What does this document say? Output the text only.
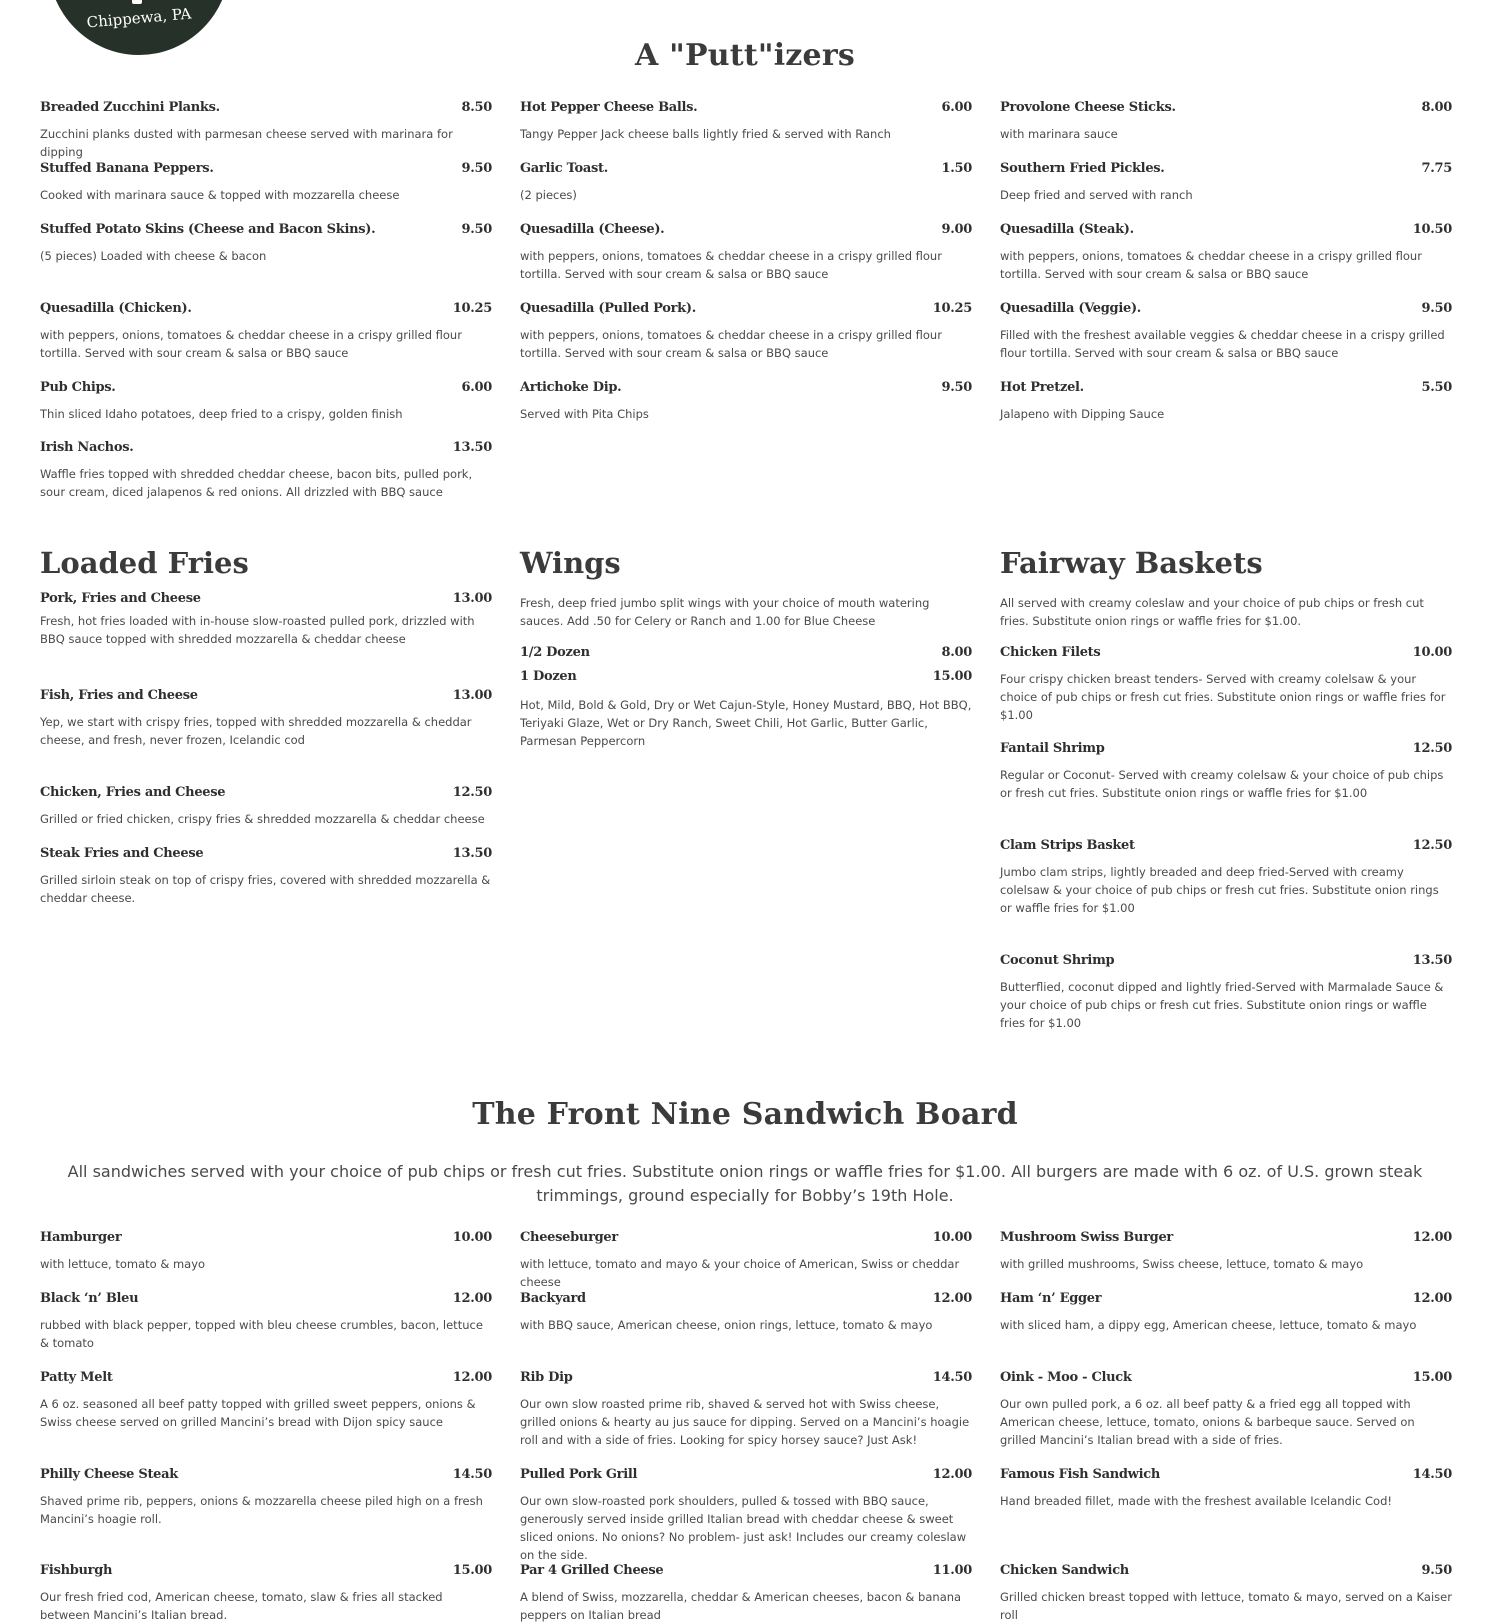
Chippewa, PA
A "Putt"izers
Breaded Zucchini Planks.	8.50
Zucchini planks dusted with parmesan cheese served with marinara for dipping
Hot Pepper Cheese Balls.	6.00
Tangy Pepper Jack cheese balls lightly fried & served with Ranch
Provolone Cheese Sticks.	8.00
with marinara sauce
Stuffed Banana Peppers.	9.50
Cooked with marinara sauce & topped with mozzarella cheese
Garlic Toast.	1.50
(2 pieces)
Southern Fried Pickles.	7.75
Deep fried and served with ranch
Stuffed Potato Skins (Cheese and Bacon Skins).	9.50
(5 pieces) Loaded with cheese & bacon
Quesadilla (Cheese).	9.00
with peppers, onions, tomatoes & cheddar cheese in a crispy grilled flour tortilla. Served with sour cream & salsa or BBQ sauce
Quesadilla (Steak).	10.50
with peppers, onions, tomatoes & cheddar cheese in a crispy grilled flour tortilla. Served with sour cream & salsa or BBQ sauce
Quesadilla (Chicken).	10.25
with peppers, onions, tomatoes & cheddar cheese in a crispy grilled flour tortilla. Served with sour cream & salsa or BBQ sauce
Quesadilla (Pulled Pork).	10.25
with peppers, onions, tomatoes & cheddar cheese in a crispy grilled flour tortilla. Served with sour cream & salsa or BBQ sauce
Quesadilla (Veggie).	9.50
Filled with the freshest available veggies & cheddar cheese in a crispy grilled flour tortilla. Served with sour cream & salsa or BBQ sauce
Pub Chips.	6.00
Thin sliced Idaho potatoes, deep fried to a crispy, golden finish
Artichoke Dip.	9.50
Served with Pita Chips
Hot Pretzel.	5.50
Jalapeno with Dipping Sauce
Irish Nachos.	13.50
Waffle fries topped with shredded cheddar cheese, bacon bits, pulled pork, sour cream, diced jalapenos & red onions. All drizzled with BBQ sauce
Loaded Fries
Pork, Fries and Cheese	13.00
Fresh, hot fries loaded with in-house slow-roasted pulled pork, drizzled with BBQ sauce topped with shredded mozzarella & cheddar cheese
Fish, Fries and Cheese	13.00
Yep, we start with crispy fries, topped with shredded mozzarella & cheddar cheese, and fresh, never frozen, Icelandic cod
Chicken, Fries and Cheese	12.50
Grilled or fried chicken, crispy fries & shredded mozzarella & cheddar cheese
Steak Fries and Cheese	13.50
Grilled sirloin steak on top of crispy fries, covered with shredded mozzarella & cheddar cheese.
Wings
Fresh, deep fried jumbo split wings with your choice of mouth watering sauces. Add .50 for Celery or Ranch and 1.00 for Blue Cheese
1/2 Dozen	8.00
1 Dozen	15.00
Hot, Mild, Bold & Gold, Dry or Wet Cajun-Style, Honey Mustard, BBQ, Hot BBQ, Teriyaki Glaze, Wet or Dry Ranch, Sweet Chili, Hot Garlic, Butter Garlic, Parmesan Peppercorn
Fairway Baskets
All served with creamy coleslaw and your choice of pub chips or fresh cut fries. Substitute onion rings or waffle fries for $1.00.
Chicken Filets	10.00
Four crispy chicken breast tenders- Served with creamy colelsaw & your choice of pub chips or fresh cut fries. Substitute onion rings or waffle fries for $1.00
Fantail Shrimp	12.50
Regular or Coconut- Served with creamy colelsaw & your choice of pub chips or fresh cut fries. Substitute onion rings or waffle fries for $1.00
Clam Strips Basket	12.50
Jumbo clam strips, lightly breaded and deep fried-Served with creamy colelsaw & your choice of pub chips or fresh cut fries. Substitute onion rings or waffle fries for $1.00
Coconut Shrimp	13.50
Butterflied, coconut dipped and lightly fried-Served with Marmalade Sauce & your choice of pub chips or fresh cut fries. Substitute onion rings or waffle fries for $1.00
The Front Nine Sandwich Board
All sandwiches served with your choice of pub chips or fresh cut fries. Substitute onion rings or waffle fries for $1.00. All burgers are made with 6 oz. of U.S. grown steak trimmings, ground especially for Bobby’s 19th Hole.
Hamburger	10.00
with lettuce, tomato & mayo
Cheeseburger	10.00
with lettuce, tomato and mayo & your choice of American, Swiss or cheddar cheese
Mushroom Swiss Burger	12.00
with grilled mushrooms, Swiss cheese, lettuce, tomato & mayo
Black ‘n’ Bleu	12.00
rubbed with black pepper, topped with bleu cheese crumbles, bacon, lettuce & tomato
Backyard	12.00
with BBQ sauce, American cheese, onion rings, lettuce, tomato & mayo
Ham ‘n’ Egger	12.00
with sliced ham, a dippy egg, American cheese, lettuce, tomato & mayo
Patty Melt	12.00
A 6 oz. seasoned all beef patty topped with grilled sweet peppers, onions & Swiss cheese served on grilled Mancini’s bread with Dijon spicy sauce
Rib Dip	14.50
Our own slow roasted prime rib, shaved & served hot with Swiss cheese, grilled onions & hearty au jus sauce for dipping. Served on a Mancini’s hoagie roll and with a side of fries. Looking for spicy horsey sauce? Just Ask!
Oink - Moo - Cluck	15.00
Our own pulled pork, a 6 oz. all beef patty & a fried egg all topped with American cheese, lettuce, tomato, onions & barbeque sauce. Served on grilled Mancini’s Italian bread with a side of fries.
Philly Cheese Steak	14.50
Shaved prime rib, peppers, onions & mozzarella cheese piled high on a fresh Mancini’s hoagie roll.
Pulled Pork Grill	12.00
Our own slow-roasted pork shoulders, pulled & tossed with BBQ sauce, generously served inside grilled Italian bread with cheddar cheese & sweet sliced onions. No onions? No problem- just ask! Includes our creamy coleslaw on the side.
Famous Fish Sandwich	14.50
Hand breaded fillet, made with the freshest available Icelandic Cod!
Fishburgh	15.00
Our fresh fried cod, American cheese, tomato, slaw & fries all stacked between Mancini’s Italian bread.
Par 4 Grilled Cheese	11.00
A blend of Swiss, mozzarella, cheddar & American cheeses, bacon & banana peppers on Italian bread
Chicken Sandwich	9.50
Grilled chicken breast topped with lettuce, tomato & mayo, served on a Kaiser roll
